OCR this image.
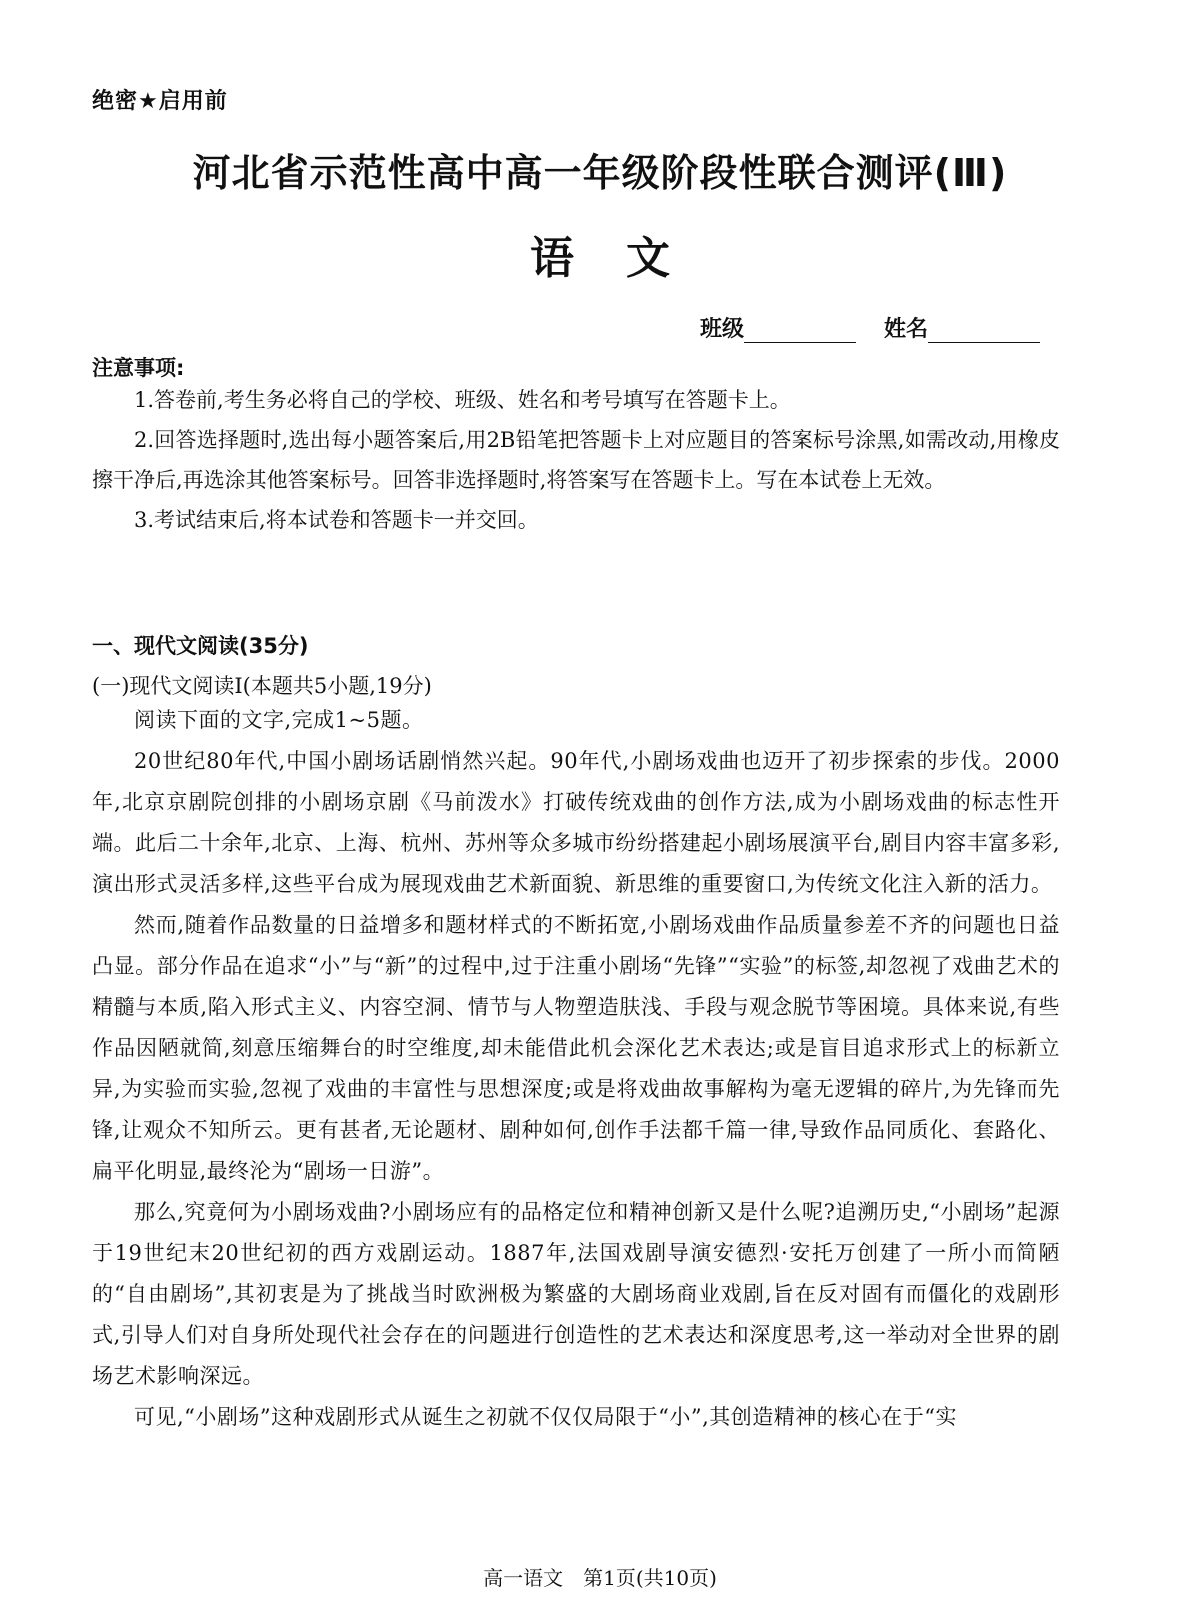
绝密★启用前
河北省示范性高中高一年级阶段性联合测评(Ⅲ)
语文
班级	姓名
注意事项:

1.答卷前,考生务必将自己的学校、班级、姓名和考号填写在答题卡上。

2.回答选择题时,选出每小题答案后,用2B铅笔把答题卡上对应题目的答案标号涂黑,如需改动,用橡皮擦干净后,再选涂其他答案标号。回答非选择题时,将答案写在答题卡上。写在本试卷上无效。

3.考试结束后,将本试卷和答题卡一并交回。

一、现代文阅读(35分)
(一)现代文阅读Ⅰ(本题共5小题,19分)

阅读下面的文字,完成1~5题。

20世纪80年代,中国小剧场话剧悄然兴起。90年代,小剧场戏曲也迈开了初步探索的步伐。2000年,北京京剧院创排的小剧场京剧《马前泼水》打破传统戏曲的创作方法,成为小剧场戏曲的标志性开端。此后二十余年,北京、上海、杭州、苏州等众多城市纷纷搭建起小剧场展演平台,剧目内容丰富多彩,演出形式灵活多样,这些平台成为展现戏曲艺术新面貌、新思维的重要窗口,为传统文化注入新的活力。

然而,随着作品数量的日益增多和题材样式的不断拓宽,小剧场戏曲作品质量参差不齐的问题也日益凸显。部分作品在追求“小”与“新”的过程中,过于注重小剧场“先锋”“实验”的标签,却忽视了戏曲艺术的精髓与本质,陷入形式主义、内容空洞、情节与人物塑造肤浅、手段与观念脱节等困境。具体来说,有些作品因陋就简,刻意压缩舞台的时空维度,却未能借此机会深化艺术表达;或是盲目追求形式上的标新立异,为实验而实验,忽视了戏曲的丰富性与思想深度;或是将戏曲故事解构为毫无逻辑的碎片,为先锋而先锋,让观众不知所云。更有甚者,无论题材、剧种如何,创作手法都千篇一律,导致作品同质化、套路化、扁平化明显,最终沦为“剧场一日游”。

那么,究竟何为小剧场戏曲?小剧场应有的品格定位和精神创新又是什么呢?追溯历史,“小剧场”起源于19世纪末20世纪初的西方戏剧运动。1887年,法国戏剧导演安德烈·安托万创建了一所小而简陋的“自由剧场”,其初衷是为了挑战当时欧洲极为繁盛的大剧场商业戏剧,旨在反对固有而僵化的戏剧形式,引导人们对自身所处现代社会存在的问题进行创造性的艺术表达和深度思考,这一举动对全世界的剧场艺术影响深远。

可见,“小剧场”这种戏剧形式从诞生之初就不仅仅局限于“小”,其创造精神的核心在于“实

高一语文　第1页(共10页)
